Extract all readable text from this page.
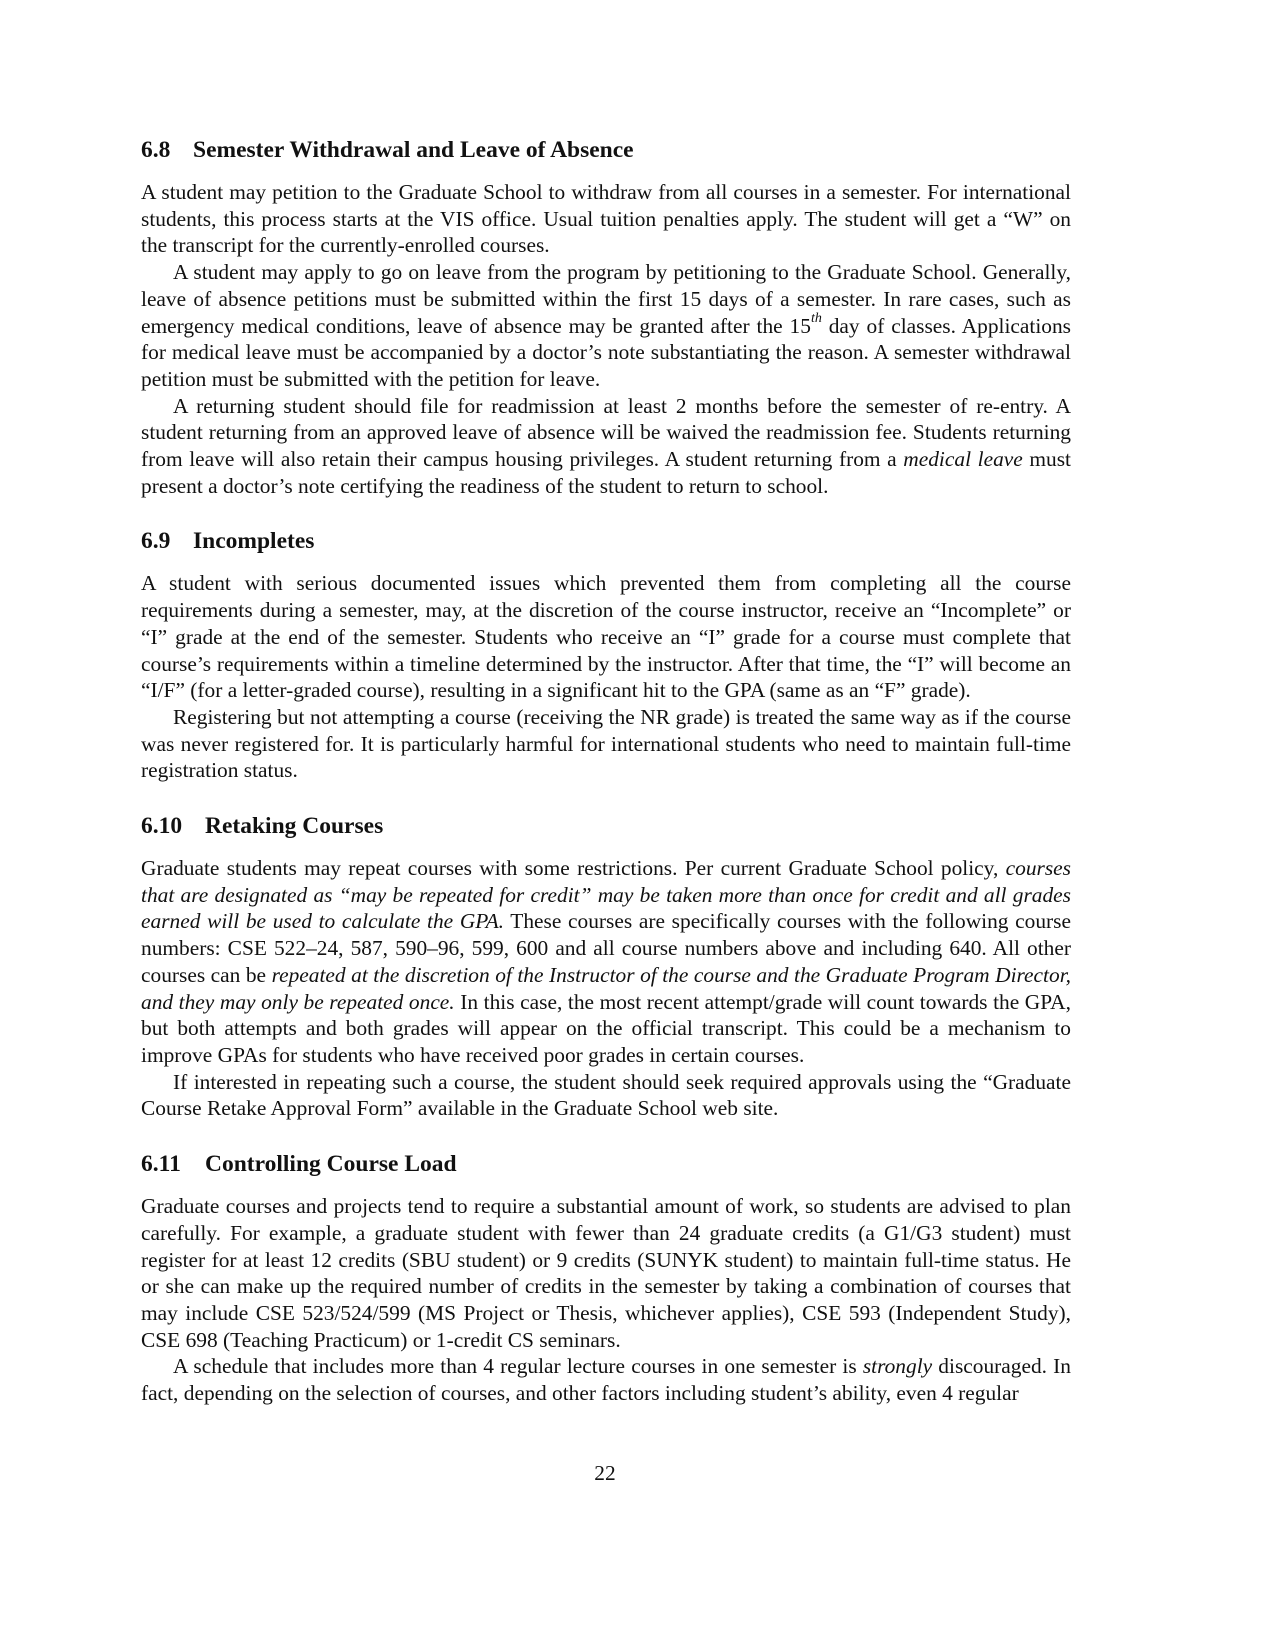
6.8 Semester Withdrawal and Leave of Absence

A student may petition to the Graduate School to withdraw from all courses in a semester. For international students, this process starts at the VIS office. Usual tuition penalties apply. The student will get a “W” on the transcript for the currently-enrolled courses.

A student may apply to go on leave from the program by petitioning to the Graduate School. Generally, leave of absence petitions must be submitted within the first 15 days of a semester. In rare cases, such as emergency medical conditions, leave of absence may be granted after the 15th day of classes. Applications for medical leave must be accompanied by a doctor’s note substantiating the reason. A semester withdrawal petition must be submitted with the petition for leave.

A returning student should file for readmission at least 2 months before the semester of re-entry. A student returning from an approved leave of absence will be waived the readmission fee. Students returning from leave will also retain their campus housing privileges. A student returning from a medical leave must present a doctor’s note certifying the readiness of the student to return to school.

6.9 Incompletes

A student with serious documented issues which prevented them from completing all the course requirements during a semester, may, at the discretion of the course instructor, receive an “Incomplete” or “I” grade at the end of the semester. Students who receive an “I” grade for a course must complete that course’s requirements within a timeline determined by the instructor. After that time, the “I” will become an “I/F” (for a letter-graded course), resulting in a significant hit to the GPA (same as an “F” grade).

Registering but not attempting a course (receiving the NR grade) is treated the same way as if the course was never registered for. It is particularly harmful for international students who need to maintain full-time registration status.

6.10 Retaking Courses

Graduate students may repeat courses with some restrictions. Per current Graduate School policy, courses that are designated as “may be repeated for credit” may be taken more than once for credit and all grades earned will be used to calculate the GPA. These courses are specifically courses with the following course numbers: CSE 522–24, 587, 590–96, 599, 600 and all course numbers above and including 640. All other courses can be repeated at the discretion of the Instructor of the course and the Graduate Program Director, and they may only be repeated once. In this case, the most recent attempt/grade will count towards the GPA, but both attempts and both grades will appear on the official transcript. This could be a mechanism to improve GPAs for students who have received poor grades in certain courses.

If interested in repeating such a course, the student should seek required approvals using the “Graduate Course Retake Approval Form” available in the Graduate School web site.

6.11	Controlling Course Load

Graduate courses and projects tend to require a substantial amount of work, so students are advised to plan carefully. For example, a graduate student with fewer than 24 graduate credits (a G1/G3 student) must register for at least 12 credits (SBU student) or 9 credits (SUNYK student) to maintain full-time status. He or she can make up the required number of credits in the semester by taking a combination of courses that may include CSE 523/524/599 (MS Project or Thesis, whichever applies), CSE 593 (Independent Study), CSE 698 (Teaching Practicum) or 1-credit CS seminars.

A schedule that includes more than 4 regular lecture courses in one semester is strongly discouraged. In fact, depending on the selection of courses, and other factors including student’s ability, even 4 regular

22
